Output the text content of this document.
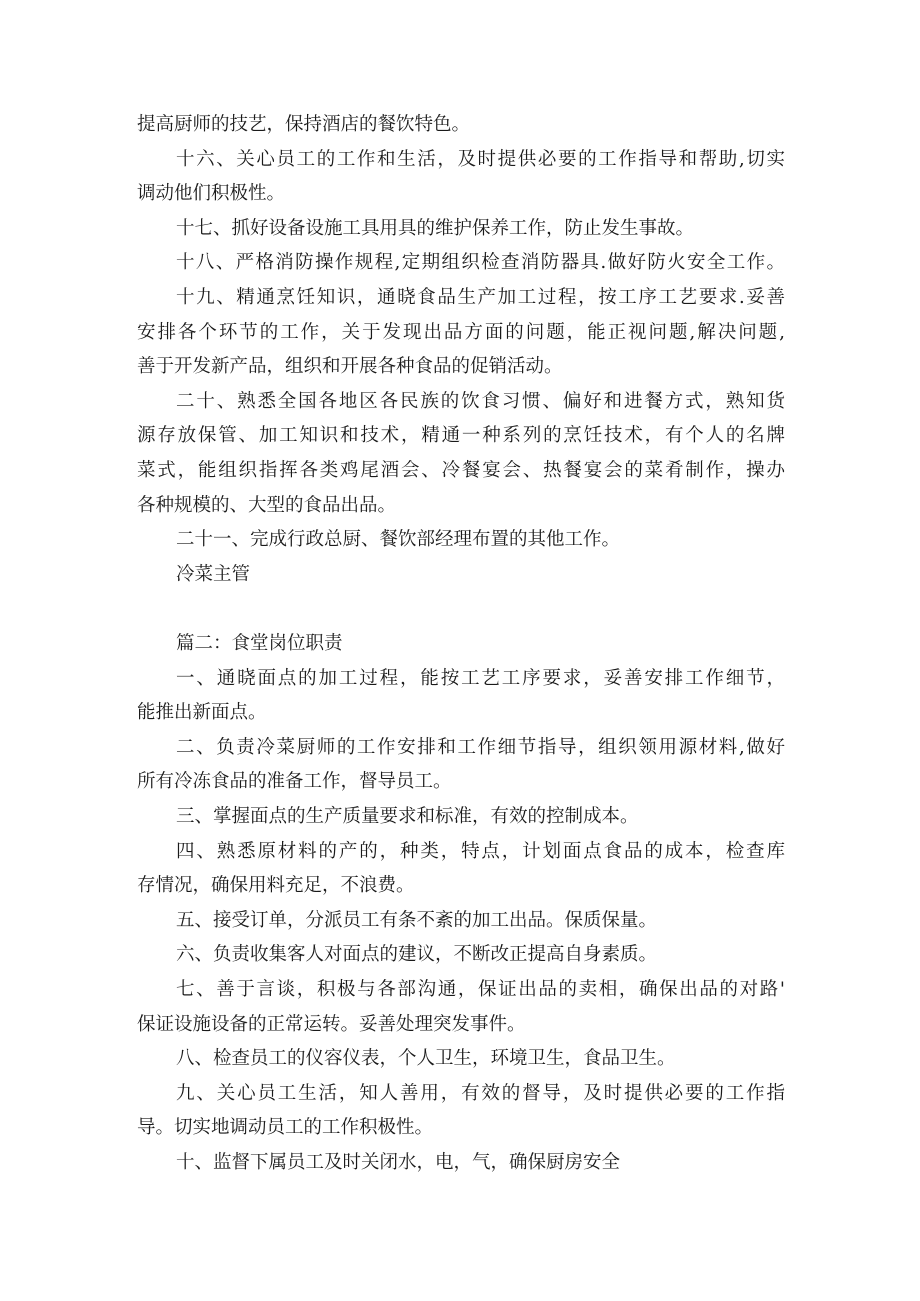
提高厨师的技艺，保持酒店的餐饮特色。
十六、关心员工的工作和生活，及时提供必要的工作指导和帮助,切实
调动他们积极性。
十七、抓好设备设施工具用具的维护保养工作，防止发生事故。
十八、严格消防操作规程,定期组织检查消防器具.做好防火安全工作。
十九、精通烹饪知识，通晓食品生产加工过程，按工序工艺要求.妥善
安排各个环节的工作，关于发现出品方面的问题，能正视问题,解决问题,
善于开发新产品，组织和开展各种食品的促销活动。
二十、熟悉全国各地区各民族的饮食习惯、偏好和进餐方式，熟知货
源存放保管、加工知识和技术，精通一种系列的烹饪技术，有个人的名牌
菜式，能组织指挥各类鸡尾酒会、冷餐宴会、热餐宴会的菜肴制作，操办
各种规模的、大型的食品出品。
二十一、完成行政总厨、餐饮部经理布置的其他工作。
冷菜主管
篇二：食堂岗位职责
一、通晓面点的加工过程，能按工艺工序要求，妥善安排工作细节，
能推出新面点。
二、负责冷菜厨师的工作安排和工作细节指导，组织领用源材料,做好
所有冷冻食品的准备工作，督导员工。
三、掌握面点的生产质量要求和标准，有效的控制成本。
四、熟悉原材料的产的，种类，特点，计划面点食品的成本，检查库
存情况，确保用料充足，不浪费。
五、接受订单，分派员工有条不紊的加工出品。保质保量。
六、负责收集客人对面点的建议，不断改正提高自身素质。
七、善于言谈，积极与各部沟通，保证出品的卖相，确保出品的对路'
保证设施设备的正常运转。妥善处理突发事件。
八、检查员工的仪容仪表，个人卫生，环境卫生，食品卫生。
九、关心员工生活，知人善用，有效的督导，及时提供必要的工作指
导。切实地调动员工的工作积极性。
十、监督下属员工及时关闭水，电，气，确保厨房安全
